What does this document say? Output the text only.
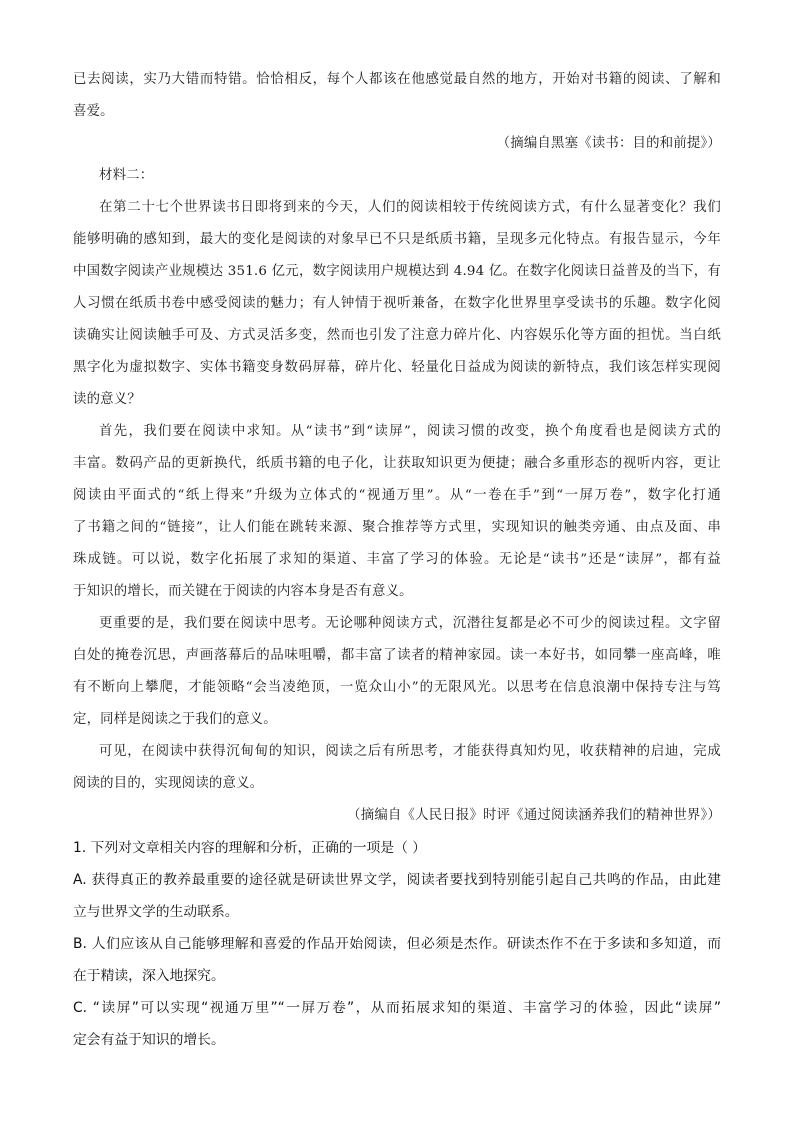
已去阅读，实乃大错而特错。恰恰相反，每个人都该在他感觉最自然的地方，开始对书籍的阅读、了解和
喜爱。
（摘编自黑塞《读书：目的和前提》）
材料二：
在第二十七个世界读书日即将到来的今天，人们的阅读相较于传统阅读方式，有什么显著变化？我们
能够明确的感知到，最大的变化是阅读的对象早已不只是纸质书籍，呈现多元化特点。有报告显示，今年
中国数字阅读产业规模达 351.6 亿元，数字阅读用户规模达到 4.94 亿。在数字化阅读日益普及的当下，有
人习惯在纸质书卷中感受阅读的魅力；有人钟情于视听兼备，在数字化世界里享受读书的乐趣。数字化阅
读确实让阅读触手可及、方式灵活多变，然而也引发了注意力碎片化、内容娱乐化等方面的担忧。当白纸
黑字化为虚拟数字、实体书籍变身数码屏幕，碎片化、轻量化日益成为阅读的新特点，我们该怎样实现阅
读的意义？
首先，我们要在阅读中求知。从“读书”到“读屏”，阅读习惯的改变，换个角度看也是阅读方式的
丰富。数码产品的更新换代，纸质书籍的电子化，让获取知识更为便捷；融合多重形态的视听内容，更让
阅读由平面式的“纸上得来”升级为立体式的“视通万里”。从“一卷在手”到“一屏万卷”，数字化打通
了书籍之间的“链接”，让人们能在跳转来源、聚合推荐等方式里，实现知识的触类旁通、由点及面、串
珠成链。可以说，数字化拓展了求知的渠道、丰富了学习的体验。无论是“读书”还是“读屏”，都有益
于知识的增长，而关键在于阅读的内容本身是否有意义。
更重要的是，我们要在阅读中思考。无论哪种阅读方式，沉潜往复都是必不可少的阅读过程。文字留
白处的掩卷沉思，声画落幕后的品味咀嚼，都丰富了读者的精神家园。读一本好书，如同攀一座高峰，唯
有不断向上攀爬，才能领略“会当凌绝顶，一览众山小”的无限风光。以思考在信息浪潮中保持专注与笃
定，同样是阅读之于我们的意义。
可见，在阅读中获得沉甸甸的知识，阅读之后有所思考，才能获得真知灼见，收获精神的启迪，完成
阅读的目的，实现阅读的意义。
（摘编自《人民日报》时评《通过阅读涵养我们的精神世界》）
1. 下列对文章相关内容的理解和分析，正确的一项是（ ）
A. 获得真正的教养最重要的途径就是研读世界文学，阅读者要找到特别能引起自己共鸣的作品，由此建
立与世界文学的生动联系。
B. 人们应该从自己能够理解和喜爱的作品开始阅读，但必须是杰作。研读杰作不在于多读和多知道，而
在于精读，深入地探究。
C. “读屏”可以实现“视通万里”“一屏万卷”，从而拓展求知的渠道、丰富学习的体验，因此“读屏”
定会有益于知识的增长。
